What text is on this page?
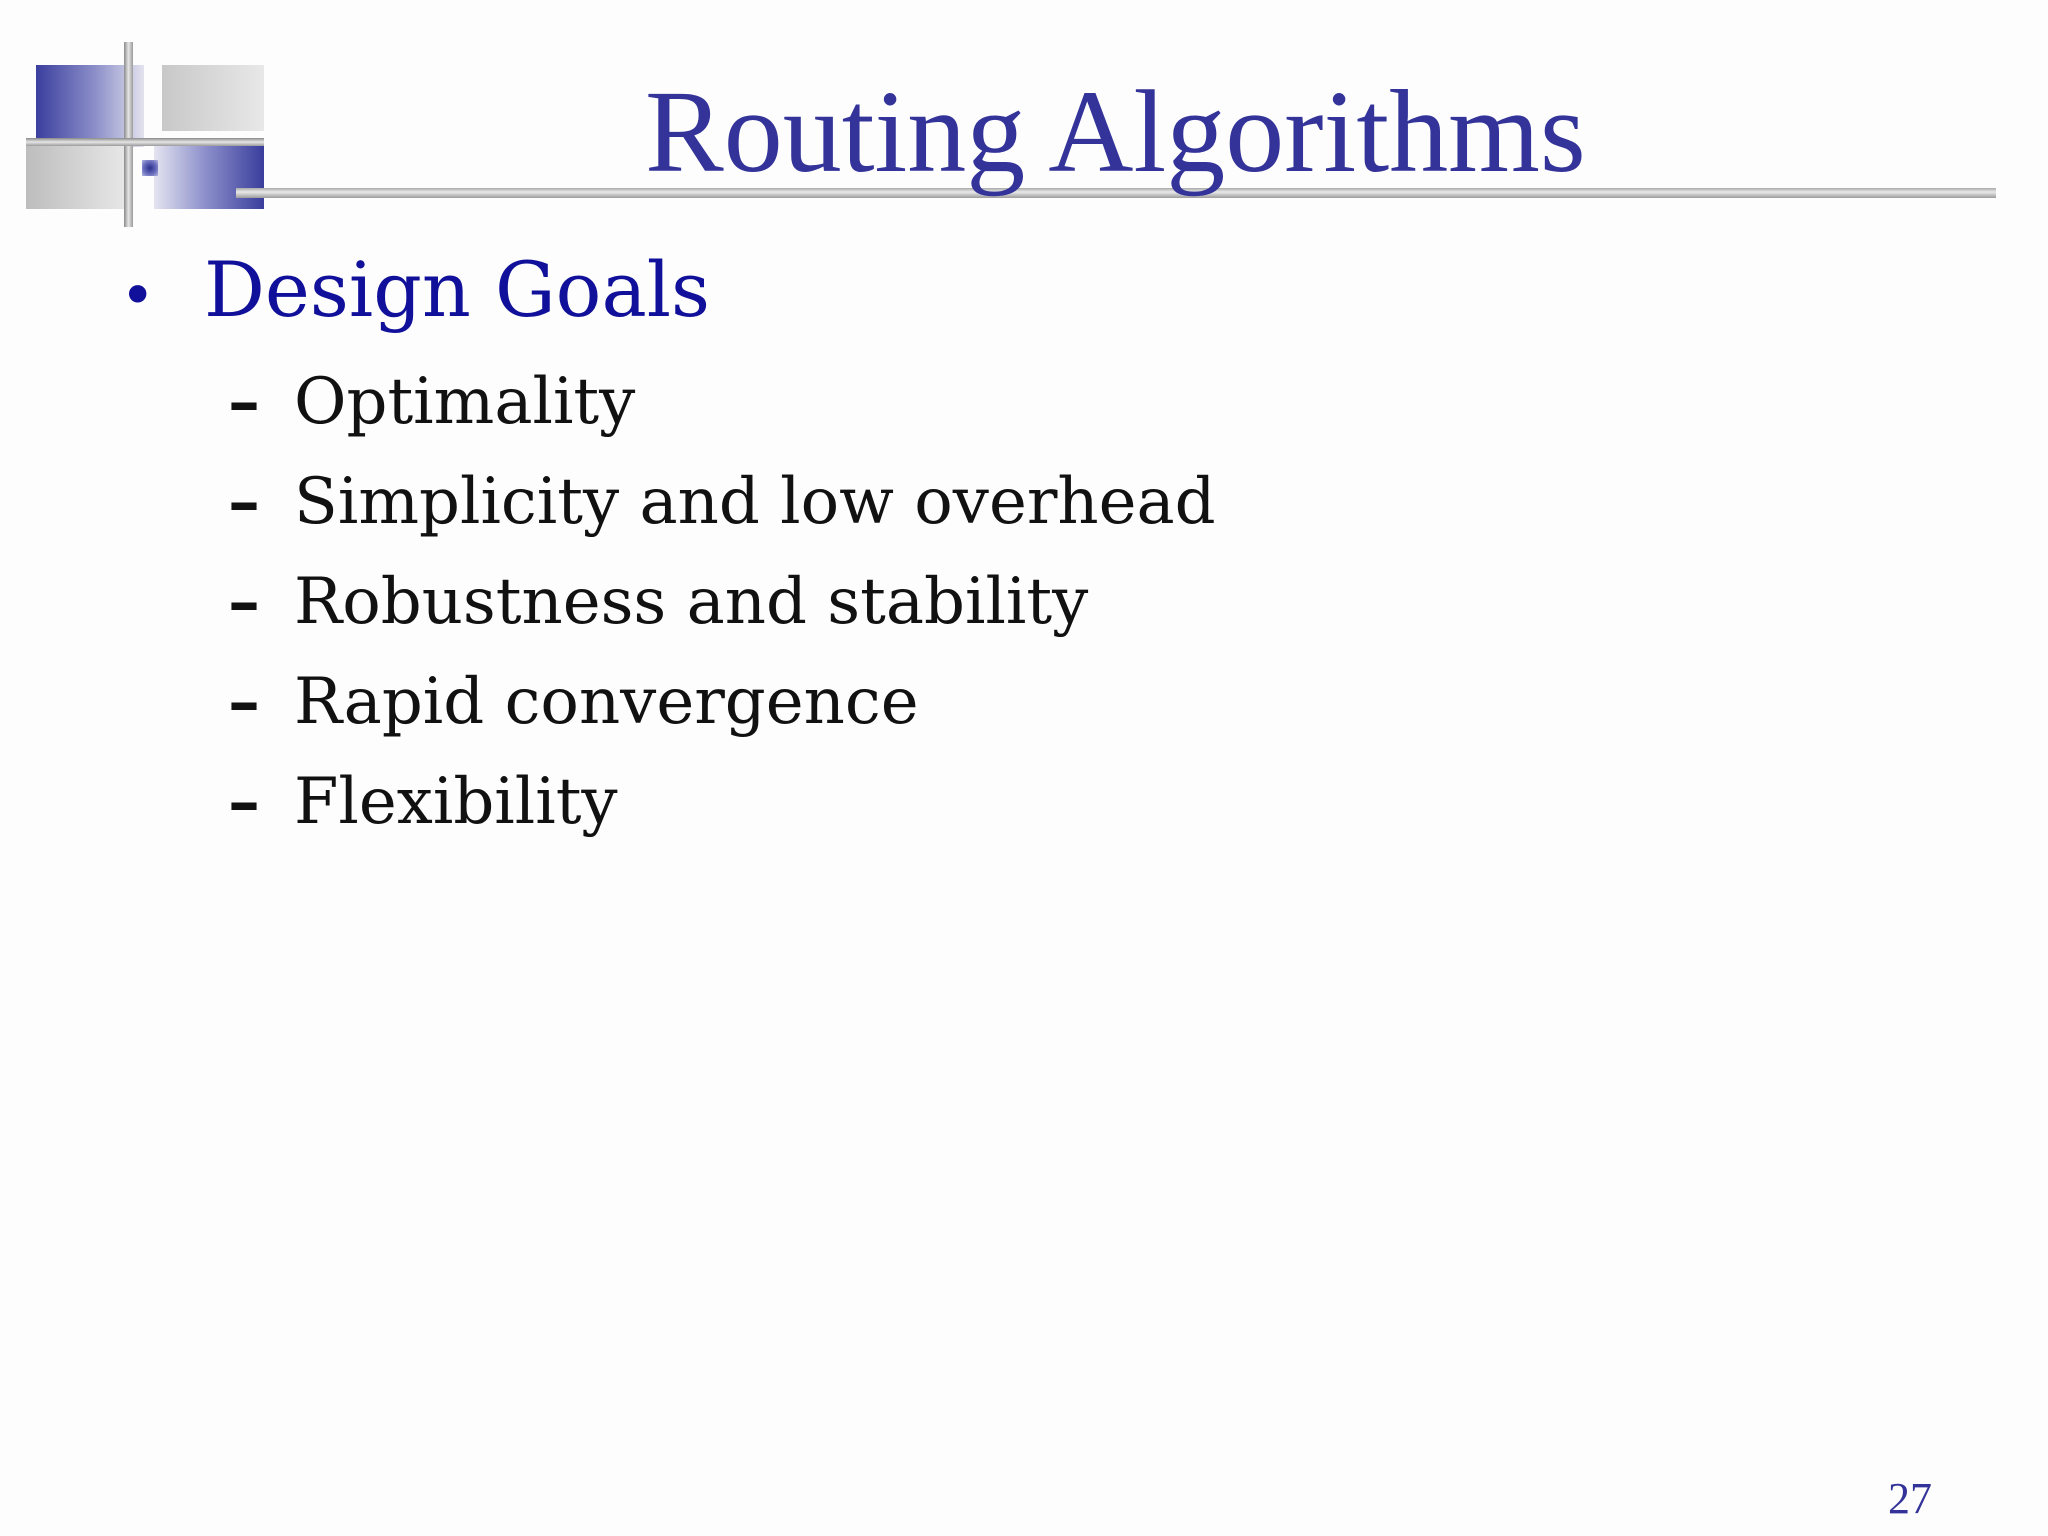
Routing Algorithms
• Design Goals
– Optimality
– Simplicity and low overhead
– Robustness and stability
– Rapid convergence
– Flexibility
27
